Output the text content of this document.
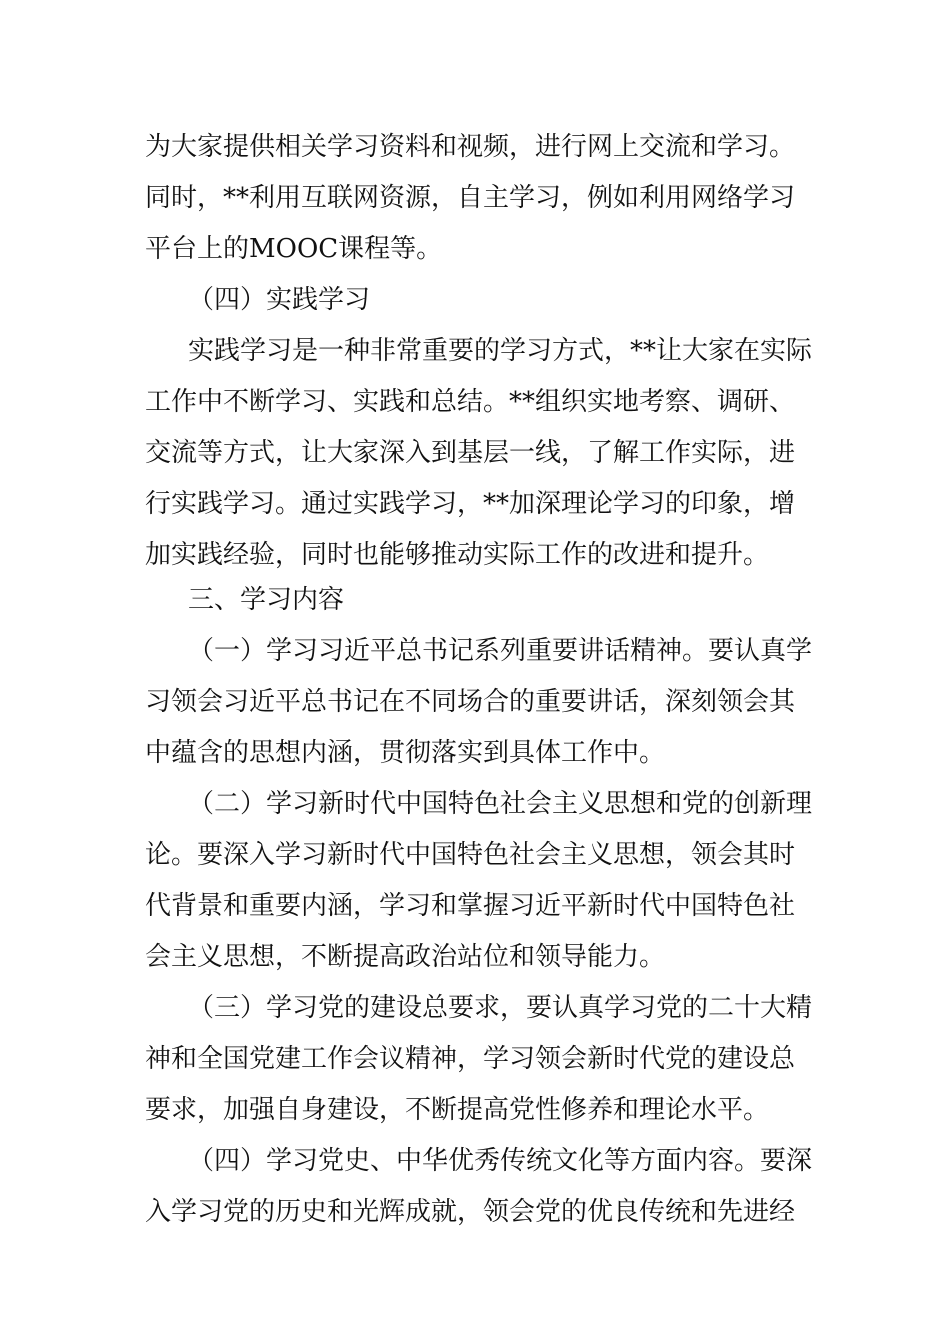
为大家提供相关学习资料和视频，进行网上交流和学习。
同时，**利用互联网资源，自主学习，例如利用网络学习
平台上的MOOC课程等。
（四）实践学习
实践学习是一种非常重要的学习方式，**让大家在实际
工作中不断学习、实践和总结。**组织实地考察、调研、
交流等方式，让大家深入到基层一线，了解工作实际，进
行实践学习。通过实践学习，**加深理论学习的印象，增
加实践经验，同时也能够推动实际工作的改进和提升。
三、学习内容
（一）学习习近平总书记系列重要讲话精神。要认真学
习领会习近平总书记在不同场合的重要讲话，深刻领会其
中蕴含的思想内涵，贯彻落实到具体工作中。
（二）学习新时代中国特色社会主义思想和党的创新理
论。要深入学习新时代中国特色社会主义思想，领会其时
代背景和重要内涵，学习和掌握习近平新时代中国特色社
会主义思想，不断提高政治站位和领导能力。
（三）学习党的建设总要求，要认真学习党的二十大精
神和全国党建工作会议精神，学习领会新时代党的建设总
要求，加强自身建设，不断提高党性修养和理论水平。
（四）学习党史、中华优秀传统文化等方面内容。要深
入学习党的历史和光辉成就，领会党的优良传统和先进经
